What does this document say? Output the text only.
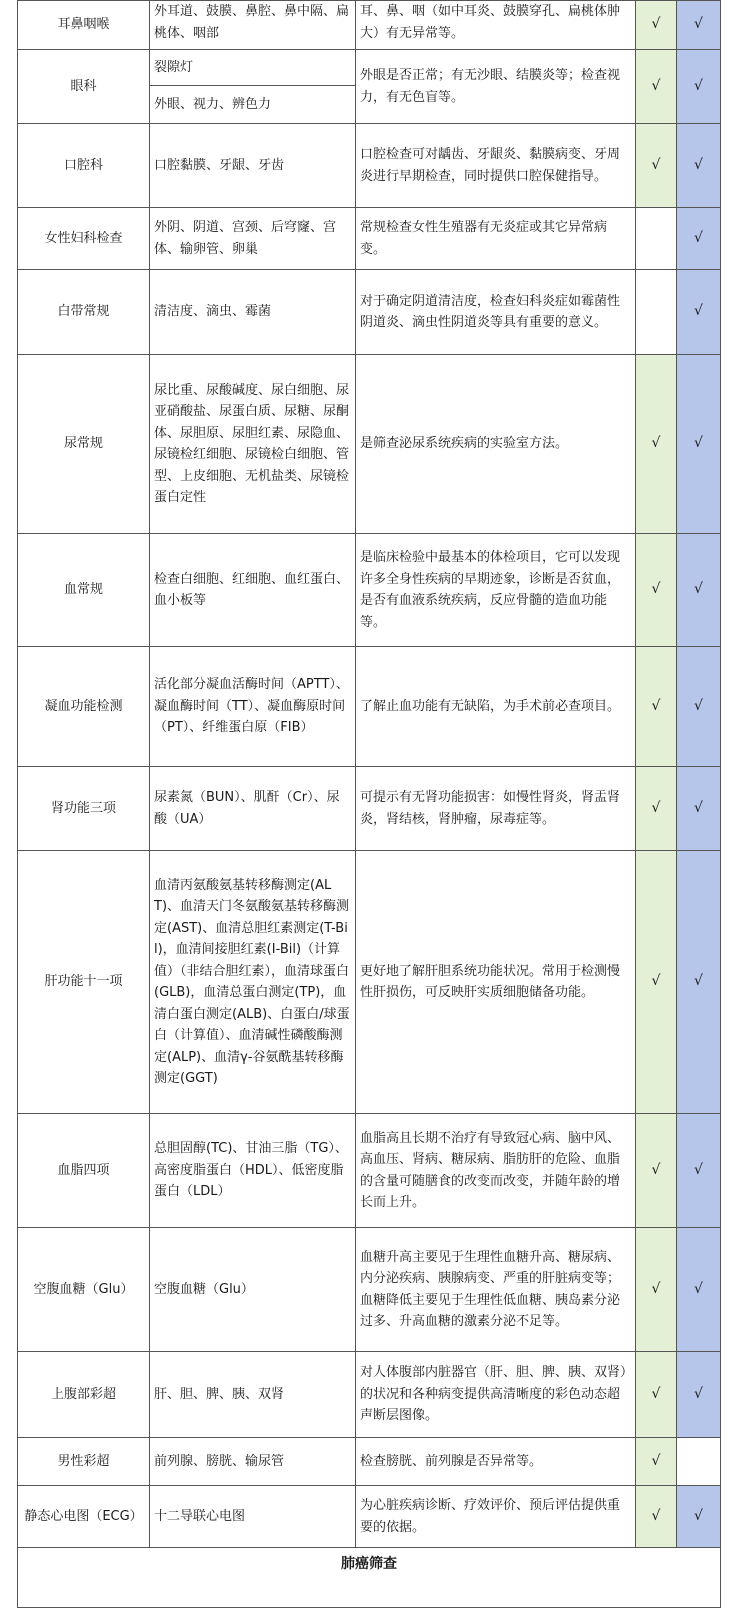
耳鼻咽喉	外耳道、鼓膜、鼻腔、鼻中隔、扁桃体、咽部	耳、鼻、咽（如中耳炎、鼓膜穿孔、扁桃体肿大）有无异常等。	√	√
眼科	裂隙灯	外眼是否正常；有无沙眼、结膜炎等；检查视力，有无色盲等。	√	√
	外眼、视力、辨色力			
口腔科	口腔黏膜、牙龈、牙齿	口腔检查可对龋齿、牙龈炎、黏膜病变、牙周炎进行早期检查，同时提供口腔保健指导。	√	√
女性妇科检查	外阴、阴道、宫颈、后穹窿、宫体、输卵管、卵巢	常规检查女性生殖器有无炎症或其它异常病变。		√
白带常规	清洁度、滴虫、霉菌	对于确定阴道清洁度，检查妇科炎症如霉菌性阴道炎、滴虫性阴道炎等具有重要的意义。		√
尿常规	尿比重、尿酸碱度、尿白细胞、尿亚硝酸盐、尿蛋白质、尿糖、尿酮体、尿胆原、尿胆红素、尿隐血、尿镜检红细胞、尿镜检白细胞、管型、上皮细胞、无机盐类、尿镜检蛋白定性	是筛查泌尿系统疾病的实验室方法。	√	√
血常规	检查白细胞、红细胞、血红蛋白、血小板等	是临床检验中最基本的体检项目，它可以发现许多全身性疾病的早期迹象，诊断是否贫血，是否有血液系统疾病，反应骨髓的造血功能等。	√	√
凝血功能检测	活化部分凝血活酶时间（APTT）、凝血酶时间（TT）、凝血酶原时间（PT）、纤维蛋白原（FIB）	了解止血功能有无缺陷，为手术前必查项目。	√	√
肾功能三项	尿素氮（BUN）、肌酐（Cr）、尿酸（UA）	可提示有无肾功能损害：如慢性肾炎，肾盂肾炎，肾结核，肾肿瘤，尿毒症等。	√	√
肝功能十一项	血清丙氨酸氨基转移酶测定(ALT)、血清天门冬氨酸氨基转移酶测定(AST)、血清总胆红素测定(T-Bil)，血清间接胆红素(I-Bil)（计算值）（非结合胆红素），血清球蛋白(GLB)，血清总蛋白测定(TP)，血清白蛋白测定(ALB)、白蛋白/球蛋白（计算值）、血清碱性磷酸酶测定(ALP)、血清γ-谷氨酰基转移酶测定(GGT)	更好地了解肝胆系统功能状况。常用于检测慢性肝损伤，可反映肝实质细胞储备功能。	√	√
血脂四项	总胆固醇(TC)、甘油三脂（TG）、高密度脂蛋白（HDL）、低密度脂蛋白（LDL）	血脂高且长期不治疗有导致冠心病、脑中风、高血压、肾病、糖尿病、脂肪肝的危险、血脂的含量可随膳食的改变而改变，并随年龄的增长而上升。	√	√
空腹血糖（Glu）	空腹血糖（Glu）	血糖升高主要见于生理性血糖升高、糖尿病、内分泌疾病、胰腺病变、严重的肝脏病变等；血糖降低主要见于生理性低血糖、胰岛素分泌过多、升高血糖的激素分泌不足等。	√	√
上腹部彩超	肝、胆、脾、胰、双肾	对人体腹部内脏器官（肝、胆、脾、胰、双肾）的状况和各种病变提供高清晰度的彩色动态超声断层图像。	√	√
男性彩超	前列腺、膀胱、输尿管	检查膀胱、前列腺是否异常等。	√	
静态心电图（ECG）	十二导联心电图	为心脏疾病诊断、疗效评价、预后评估提供重要的依据。	√	√
肺癌筛查				
